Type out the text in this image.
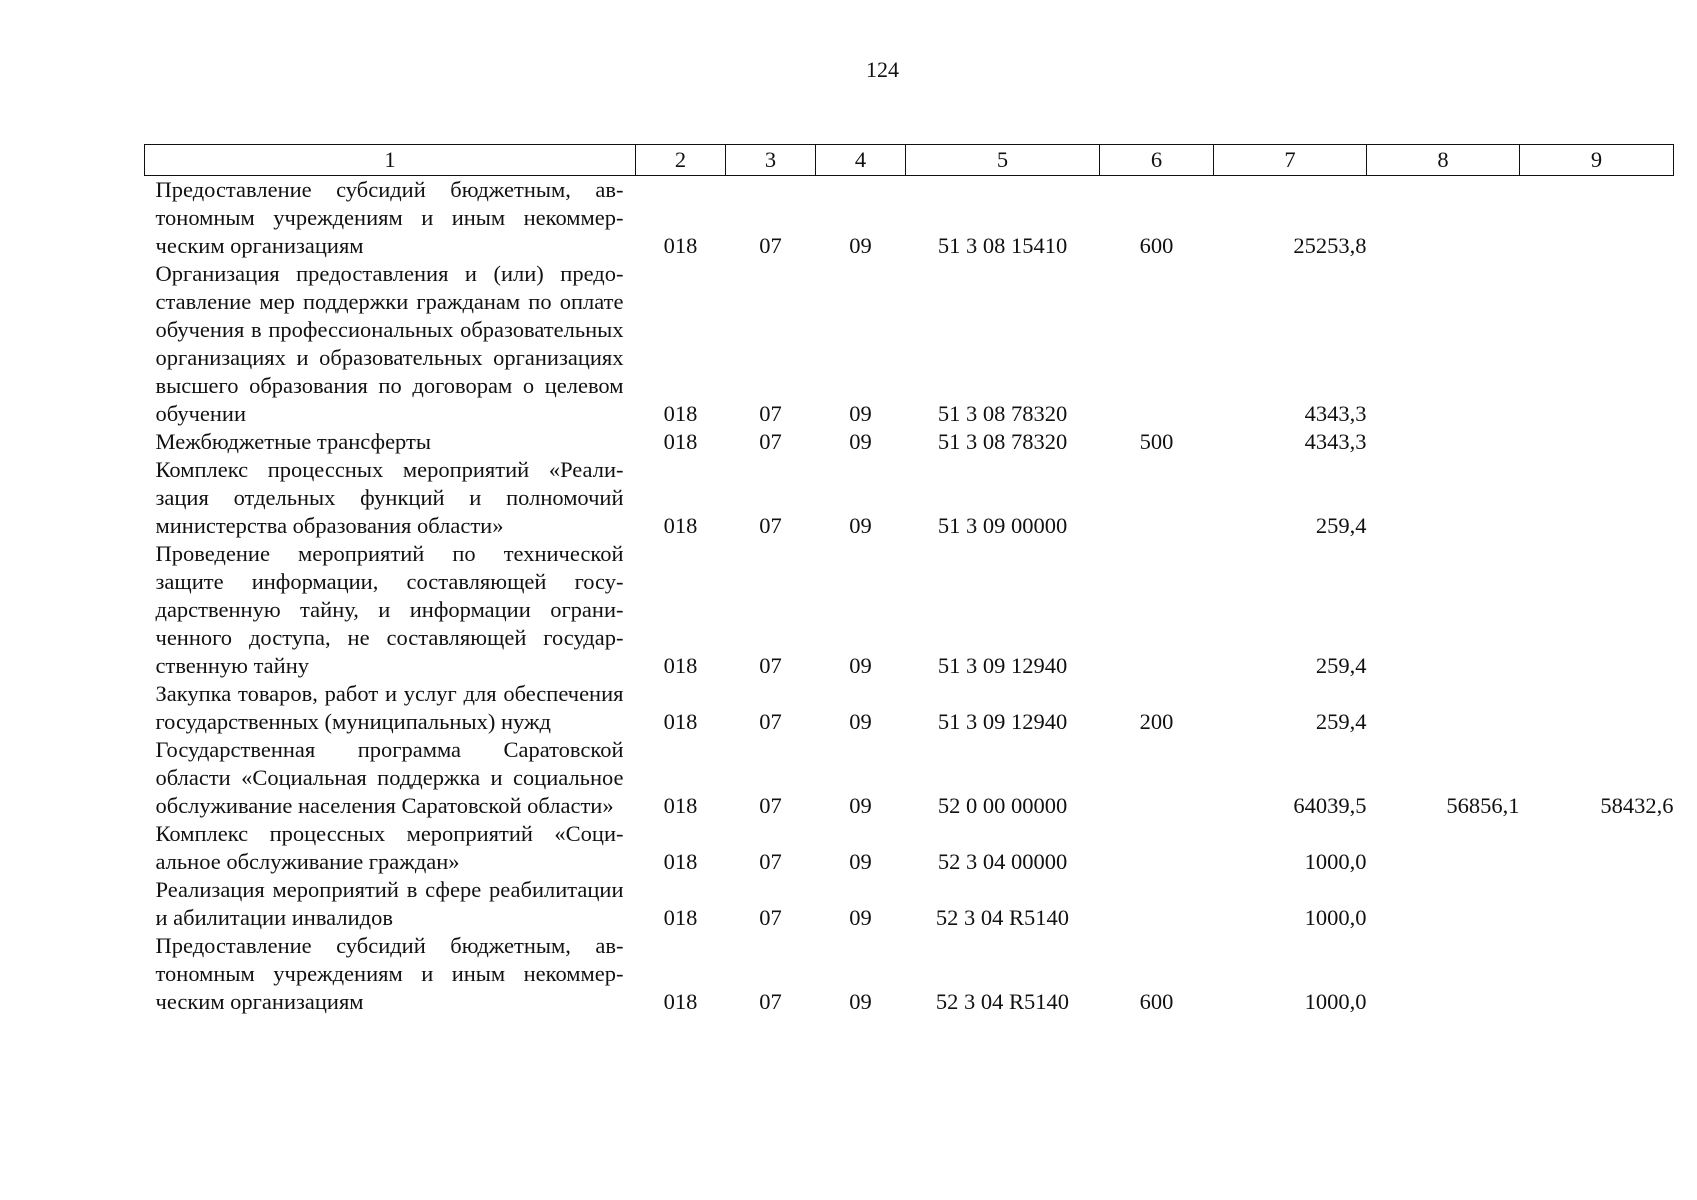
124
1	2	3	4	5	6	7	8	9
Предоставление субсидий бюджетным, автономным учреждениям и иным некоммерческим организациям	018	07	09	51 3 08 15410	600	25253,8		
Организация предоставления и (или) предоставление мер поддержки гражданам по оплате обучения в профессиональных образовательных организациях и образовательных организациях высшего образования по договорам о целевом обучении	018	07	09	51 3 08 78320		4343,3		
Межбюджетные трансферты	018	07	09	51 3 08 78320	500	4343,3		
Комплекс процессных мероприятий «Реализация отдельных функций и полномочий министерства образования области»	018	07	09	51 3 09 00000		259,4		
Проведение мероприятий по технической защите информации, составляющей государственную тайну, и информации ограниченного доступа, не составляющей государственную тайну	018	07	09	51 3 09 12940		259,4		
Закупка товаров, работ и услуг для обеспечения государственных (муниципальных) нужд	018	07	09	51 3 09 12940	200	259,4		
Государственная программа Саратовской области «Социальная поддержка и социальное обслуживание населения Саратовской области»	018	07	09	52 0 00 00000		64039,5	56856,1	58432,6
Комплекс процессных мероприятий «Социальное обслуживание граждан»	018	07	09	52 3 04 00000		1000,0		
Реализация мероприятий в сфере реабилитации и абилитации инвалидов	018	07	09	52 3 04 R5140		1000,0		
Предоставление субсидий бюджетным, автономным учреждениям и иным некоммерческим организациям	018	07	09	52 3 04 R5140	600	1000,0		
